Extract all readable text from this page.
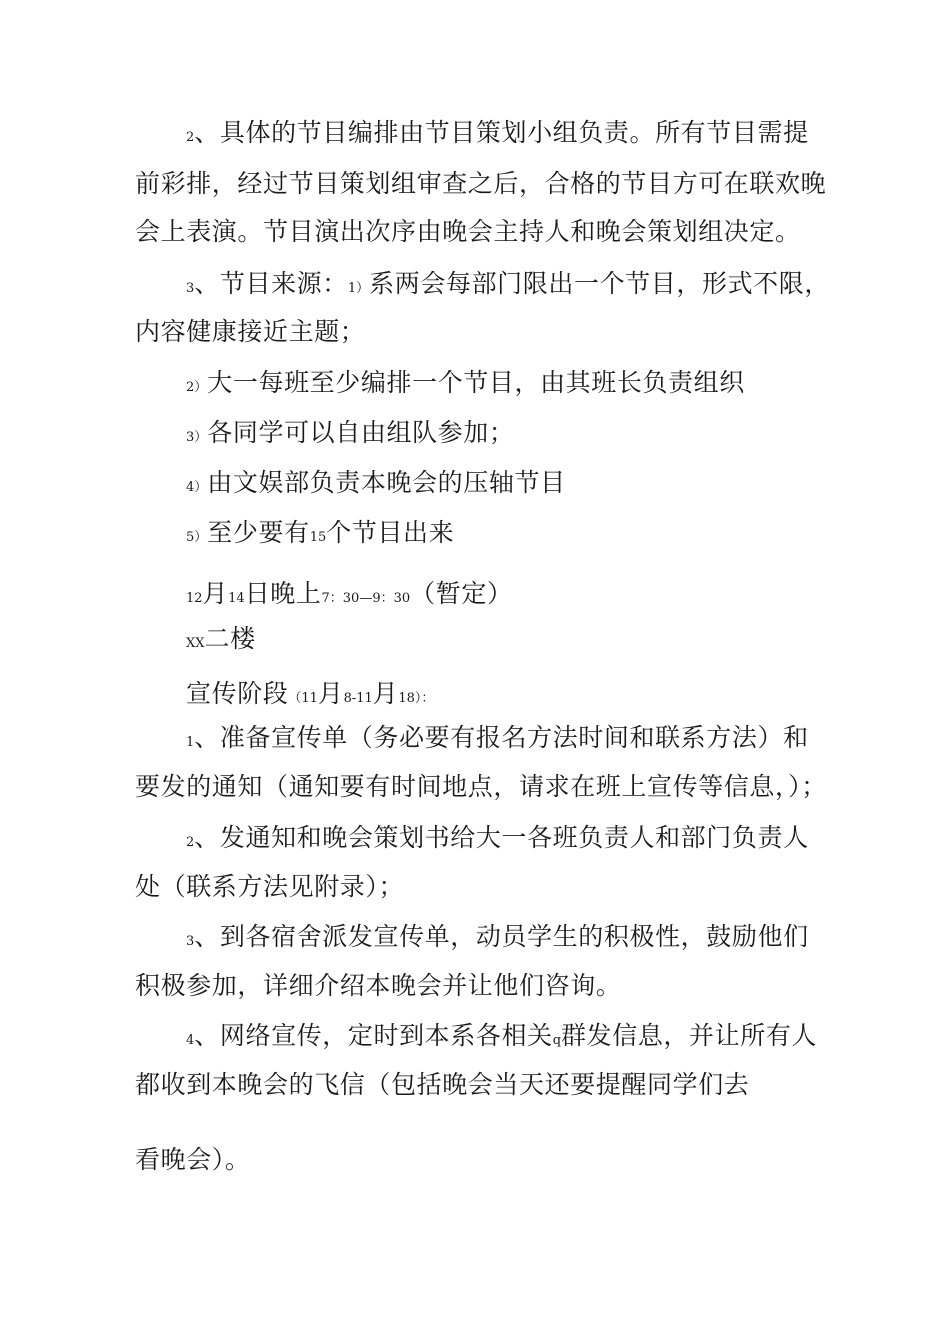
2、具体的节目编排由节目策划小组负责。所有节目需提
前彩排，经过节目策划组审查之后，合格的节目方可在联欢晚
会上表演。节目演出次序由晚会主持人和晚会策划组决定。
3、节目来源：1）系两会每部门限出一个节目，形式不限，
内容健康接近主题；
2）大一每班至少编排一个节目，由其班长负责组织
3）各同学可以自由组队参加；
4）由文娱部负责本晚会的压轴节目
5）至少要有15个节目出来
12月14日晚上7：30—9：30（暂定）
XX二楼
宣传阶段（11月8-11月18）：
1、准备宣传单（务必要有报名方法时间和联系方法）和
要发的通知（通知要有时间地点，请求在班上宣传等信息，）；
2、发通知和晚会策划书给大一各班负责人和部门负责人
处（联系方法见附录）；
3、到各宿舍派发宣传单，动员学生的积极性，鼓励他们
积极参加，详细介绍本晚会并让他们咨询。
4、网络宣传，定时到本系各相关q群发信息，并让所有人
都收到本晚会的飞信（包括晚会当天还要提醒同学们去
看晚会）。
